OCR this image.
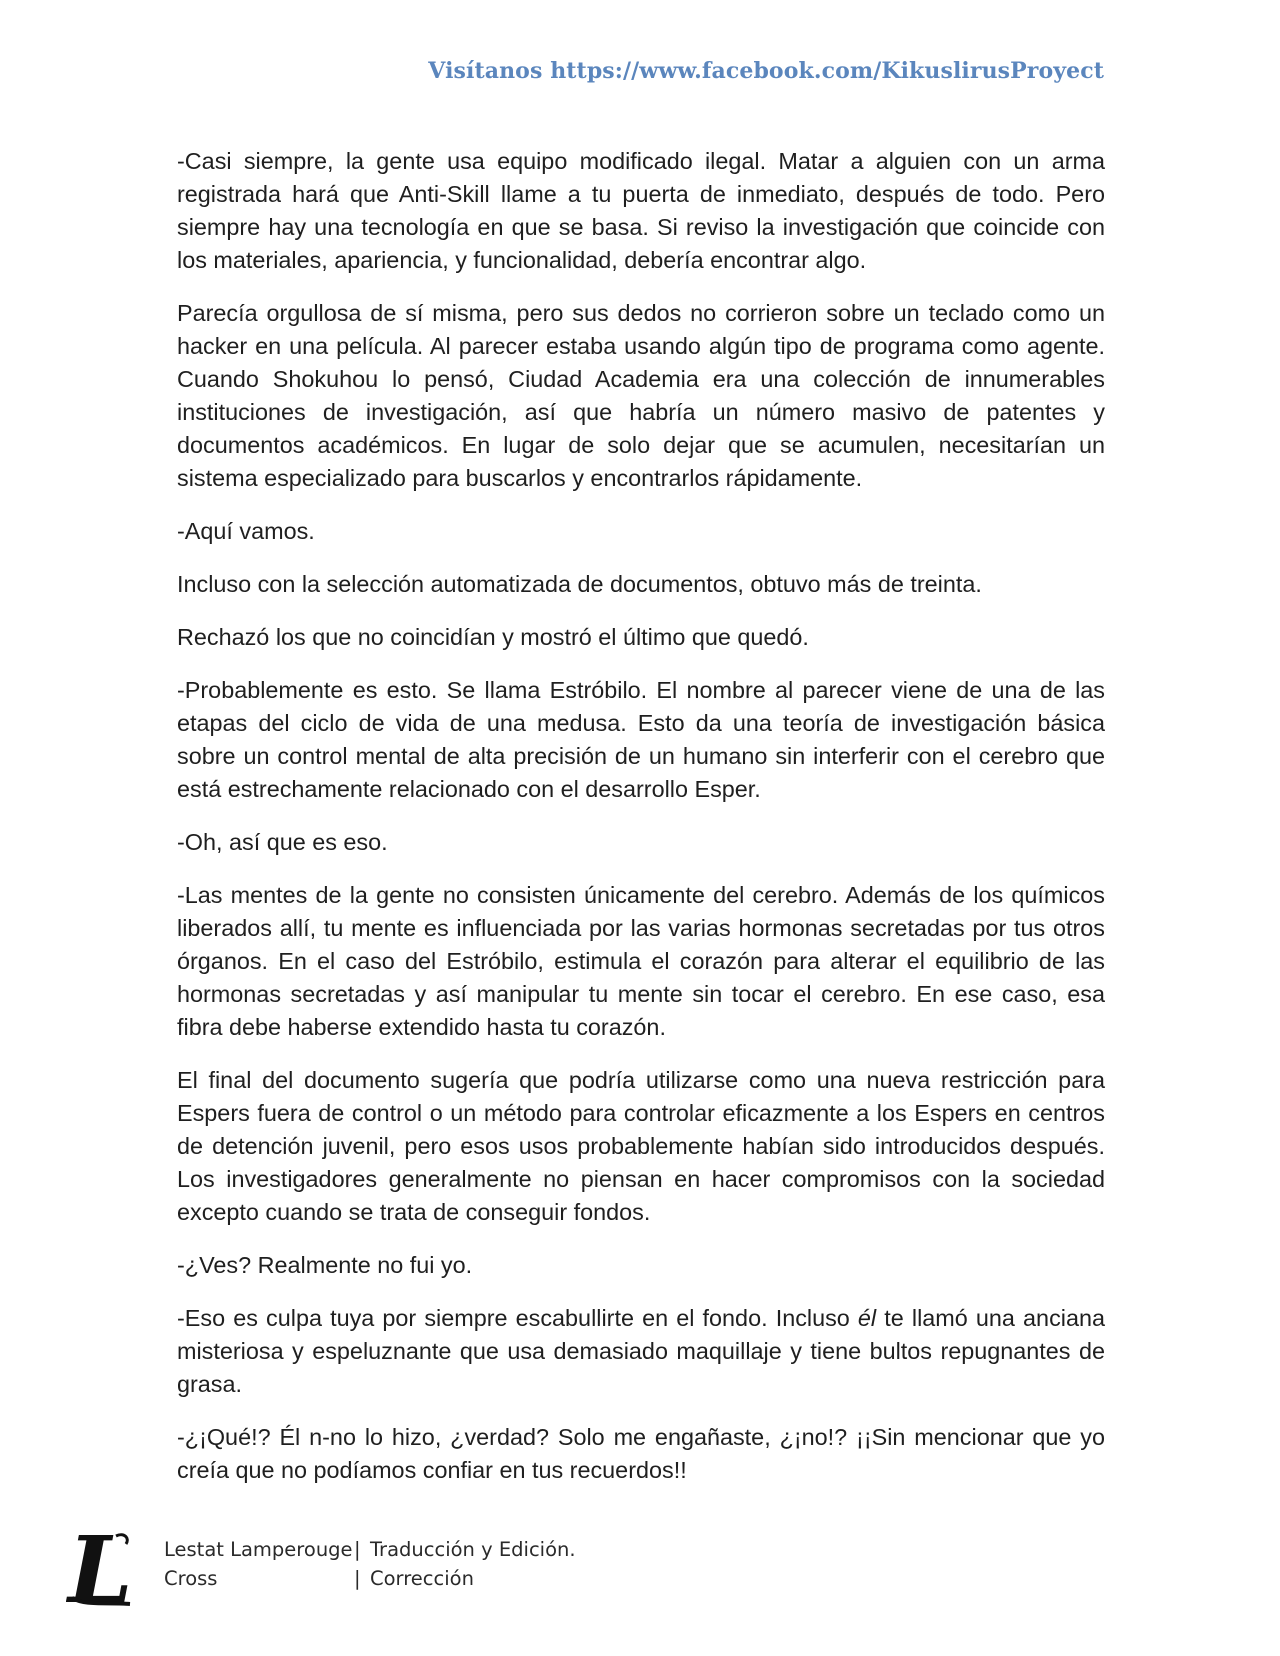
Visítanos https://www.facebook.com/KikuslirusProyect

-Casi siempre, la gente usa equipo modificado ilegal. Matar a alguien con un arma registrada hará que Anti-Skill llame a tu puerta de inmediato, después de todo. Pero siempre hay una tecnología en que se basa. Si reviso la investigación que coincide con los materiales, apariencia, y funcionalidad, debería encontrar algo.

Parecía orgullosa de sí misma, pero sus dedos no corrieron sobre un teclado como un hacker en una película. Al parecer estaba usando algún tipo de programa como agente. Cuando Shokuhou lo pensó, Ciudad Academia era una colección de innumerables instituciones de investigación, así que habría un número masivo de patentes y documentos académicos. En lugar de solo dejar que se acumulen, necesitarían un sistema especializado para buscarlos y encontrarlos rápidamente.

-Aquí vamos.

Incluso con la selección automatizada de documentos, obtuvo más de treinta.

Rechazó los que no coincidían y mostró el último que quedó.

-Probablemente es esto. Se llama Estróbilo. El nombre al parecer viene de una de las etapas del ciclo de vida de una medusa. Esto da una teoría de investigación básica sobre un control mental de alta precisión de un humano sin interferir con el cerebro que está estrechamente relacionado con el desarrollo Esper.

-Oh, así que es eso.

-Las mentes de la gente no consisten únicamente del cerebro. Además de los químicos liberados allí, tu mente es influenciada por las varias hormonas secretadas por tus otros órganos. En el caso del Estróbilo, estimula el corazón para alterar el equilibrio de las hormonas secretadas y así manipular tu mente sin tocar el cerebro. En ese caso, esa fibra debe haberse extendido hasta tu corazón.

El final del documento sugería que podría utilizarse como una nueva restricción para Espers fuera de control o un método para controlar eficazmente a los Espers en centros de detención juvenil, pero esos usos probablemente habían sido introducidos después. Los investigadores generalmente no piensan en hacer compromisos con la sociedad excepto cuando se trata de conseguir fondos.

-¿Ves? Realmente no fui yo.

-Eso es culpa tuya por siempre escabullirte en el fondo. Incluso él te llamó una anciana misteriosa y espeluznante que usa demasiado maquillaje y tiene bultos repugnantes de grasa.

-¿¡Qué!? Él n-no lo hizo, ¿verdad? Solo me engañaste, ¿¡no!? ¡¡Sin mencionar que yo creía que no podíamos confiar en tus recuerdos!!

L Lestat Lamperouge | Traducción y Edición.
Cross	| Corrección
